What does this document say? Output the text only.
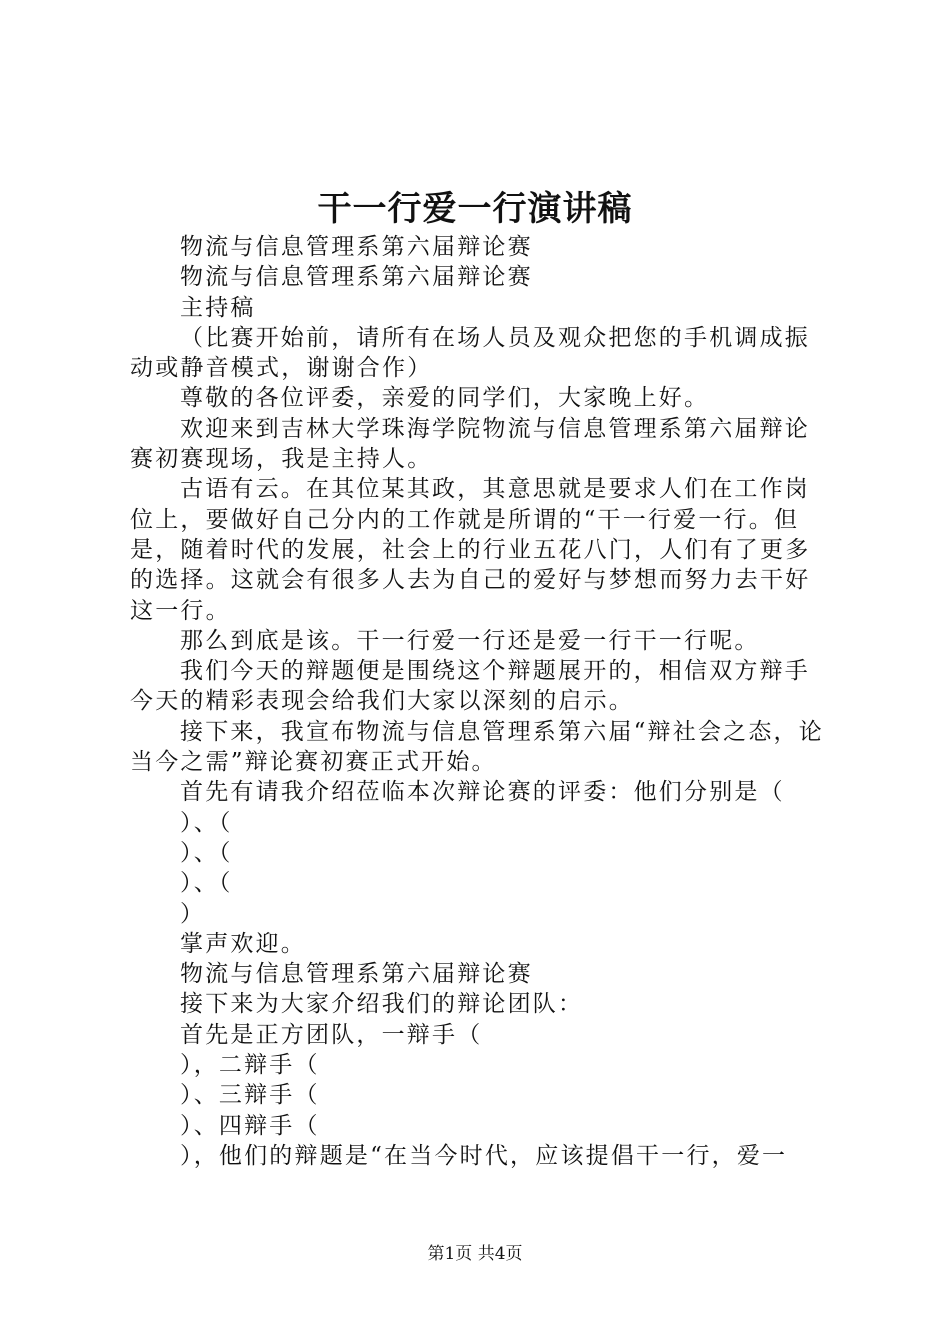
干一行爱一行演讲稿

物流与信息管理系第六届辩论赛

物流与信息管理系第六届辩论赛

主持稿

（比赛开始前，请所有在场人员及观众把您的手机调成振动或静音模式，谢谢合作）

尊敬的各位评委，亲爱的同学们，大家晚上好。

欢迎来到吉林大学珠海学院物流与信息管理系第六届辩论赛初赛现场，我是主持人。

古语有云。在其位某其政，其意思就是要求人们在工作岗位上，要做好自己分内的工作就是所谓的“干一行爱一行。但是，随着时代的发展，社会上的行业五花八门，人们有了更多的选择。这就会有很多人去为自己的爱好与梦想而努力去干好这一行。

那么到底是该。干一行爱一行还是爱一行干一行呢。

我们今天的辩题便是围绕这个辩题展开的，相信双方辩手今天的精彩表现会给我们大家以深刻的启示。

接下来，我宣布物流与信息管理系第六届“辩社会之态，论当今之需”辩论赛初赛正式开始。

首先有请我介绍莅临本次辩论赛的评委：他们分别是（

）、（

）、（

）、（

）

掌声欢迎。

物流与信息管理系第六届辩论赛

接下来为大家介绍我们的辩论团队：

首先是正方团队，一辩手（

），二辩手（

）、三辩手（

）、四辩手（

），他们的辩题是“在当今时代，应该提倡干一行，爱一

第1页 共4页
